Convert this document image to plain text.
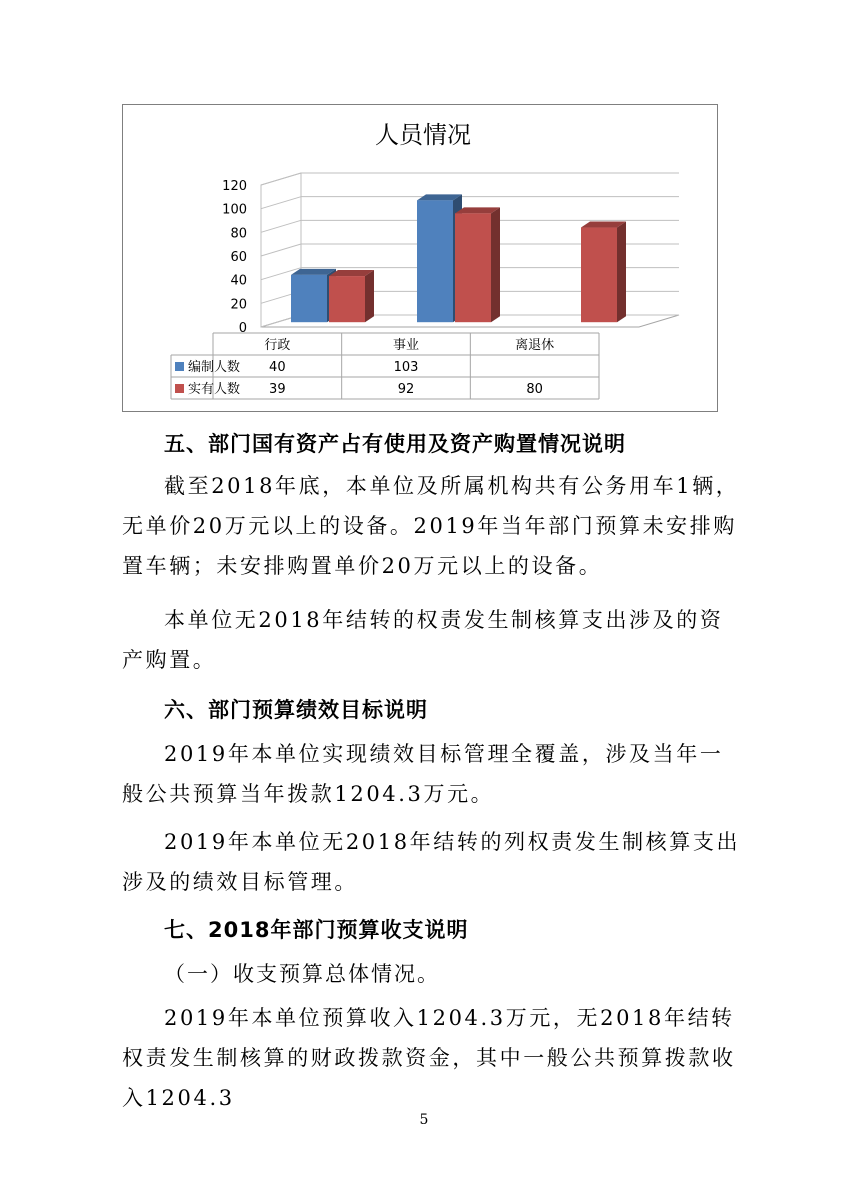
人员情况
0
20
40
60
80
100
120
行政	事业	离退休
编制人数 40	103
实有人数 39	92	80
五、部门国有资产占有使用及资产购置情况说明

截至2018年底，本单位及所属机构共有公务用车1辆，无单价20万元以上的设备。2019年当年部门预算未安排购置车辆；未安排购置单价20万元以上的设备。

本单位无2018年结转的权责发生制核算支出涉及的资产购置。

六、部门预算绩效目标说明

2019年本单位实现绩效目标管理全覆盖，涉及当年一般公共预算当年拨款1204.3万元。

2019年本单位无2018年结转的列权责发生制核算支出涉及的绩效目标管理。

七、2018年部门预算收支说明

（一）收支预算总体情况。

2019年本单位预算收入1204.3万元，无2018年结转权责发生制核算的财政拨款资金，其中一般公共预算拨款收入1204.3

5
